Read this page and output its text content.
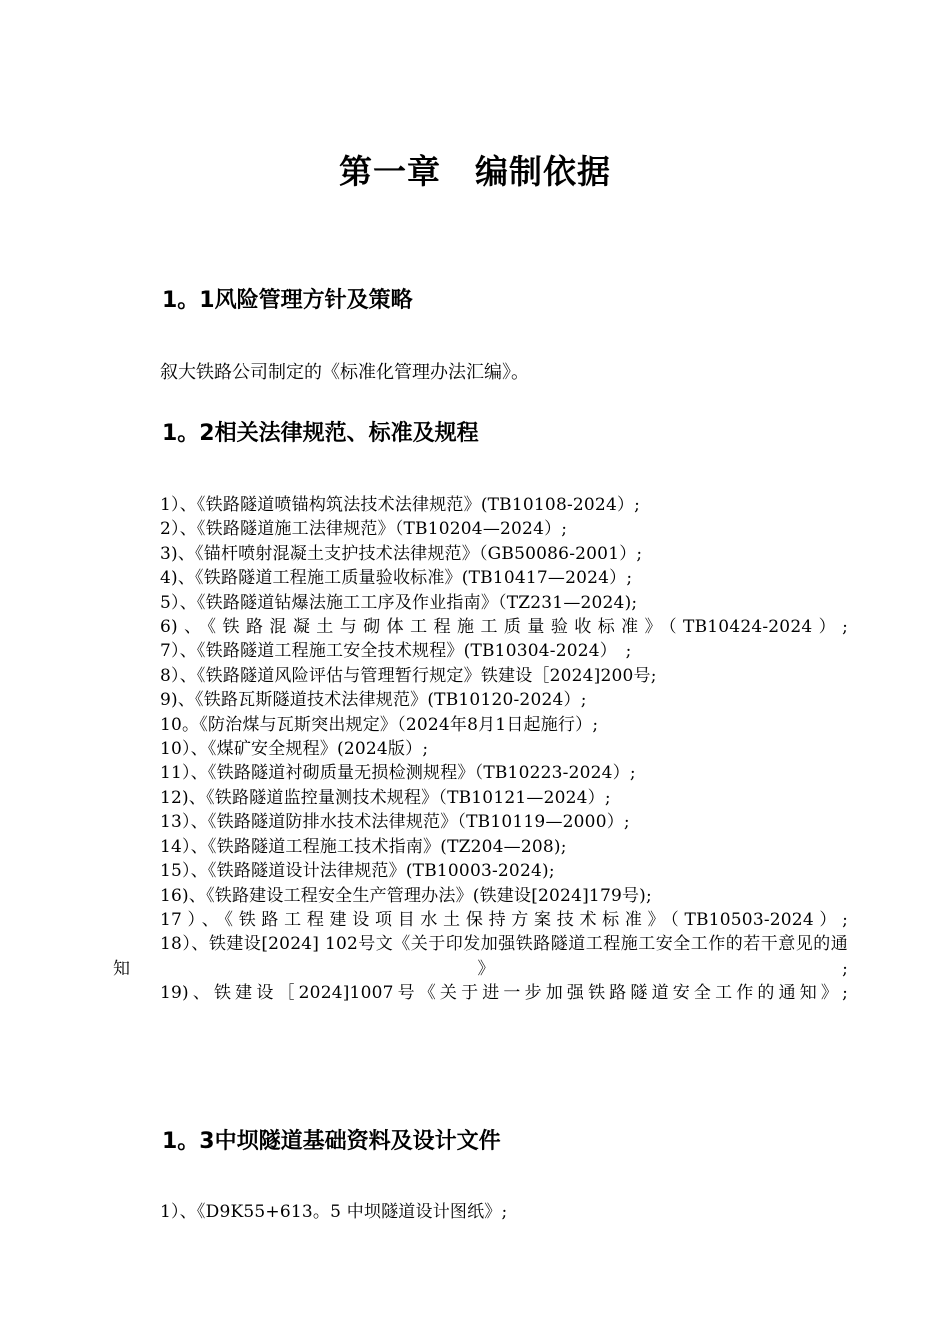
第一章　编制依据
1。1风险管理方针及策略
叙大铁路公司制定的《标准化管理办法汇编》。
1。2相关法律规范、标准及规程
1）、《铁路隧道喷锚构筑法技术法律规范》(TB10108-2024）;
2）、《铁路隧道施工法律规范》（TB10204—2024）;
3)、《锚杆喷射混凝土支护技术法律规范》（GB50086-2001）;
4)、《铁路隧道工程施工质量验收标准》(TB10417—2024）;
5）、《铁路隧道钻爆法施工工序及作业指南》（TZ231—2024);
6)、《铁路混凝土与砌体工程施工质量验收标准》（TB10424-2024）;
7）、《铁路隧道工程施工安全技术规程》(TB10304-2024）　;
8）、《铁路隧道风险评估与管理暂行规定》铁建设［2024]200号;
9)、《铁路瓦斯隧道技术法律规范》(TB10120-2024）;
10。《防治煤与瓦斯突出规定》（2024年8月1日起施行）;
10）、《煤矿安全规程》(2024版）;
11）、《铁路隧道衬砌质量无损检测规程》（TB10223-2024）;
12)、《铁路隧道监控量测技术规程》（TB10121—2024）;
13）、《铁路隧道防排水技术法律规范》（TB10119—2000）;
14）、《铁路隧道工程施工技术指南》(TZ204—208);
15）、《铁路隧道设计法律规范》(TB10003-2024);
16)、《铁路建设工程安全生产管理办法》(铁建设[2024]179号);
17）、《铁路工程建设项目水土保持方案技术标准》（TB10503-2024）;
18）、铁建设[2024] 102号文《关于印发加强铁路隧道工程施工安全工作的若干意见的通知》;
19)、铁建设［2024]1007号《关于进一步加强铁路隧道安全工作的通知》;
1。3中坝隧道基础资料及设计文件
1）、《D9K55+613。5 中坝隧道设计图纸》;
